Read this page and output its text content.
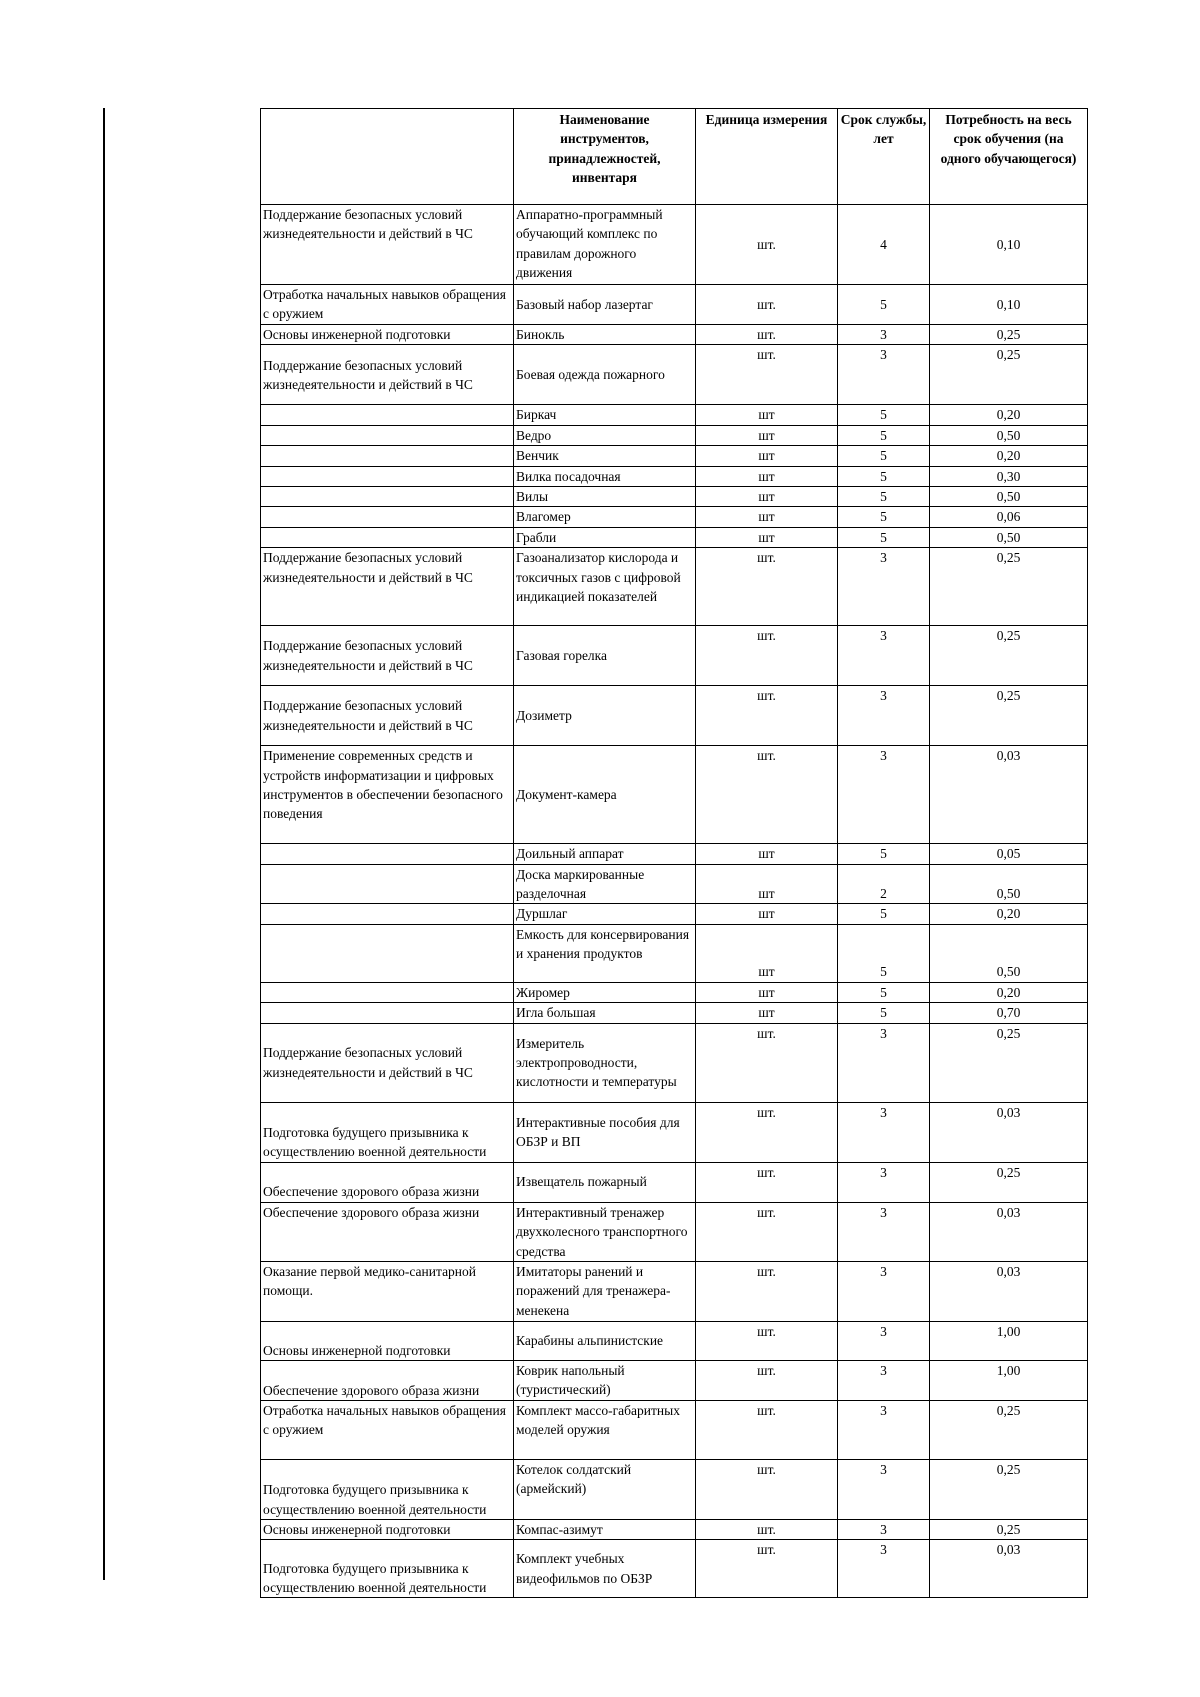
	Наименование инструментов, принадлежностей, инвентаря	Единица измерения	Срок службы, лет	Потребность на весь срок обучения (на одного обучающегося)
Поддержание безопасных условий жизнедеятельности и действий в ЧС	Аппаратно-программный обучающий комплекс по правилам дорожного движения	шт.	4	0,10
Отработка начальных навыков обращения с оружием	Базовый набор лазертаг	шт.	5	0,10
Основы инженерной подготовки	Бинокль	шт.	3	0,25
Поддержание безопасных условий жизнедеятельности и действий в ЧС	Боевая одежда пожарного	шт.	3	0,25
	Биркач	шт	5	0,20
	Ведро	шт	5	0,50
	Венчик	шт	5	0,20
	Вилка посадочная	шт	5	0,30
	Вилы	шт	5	0,50
	Влагомер	шт	5	0,06
	Грабли	шт	5	0,50
Поддержание безопасных условий жизнедеятельности и действий в ЧС	Газоанализатор кислорода и токсичных газов с цифровой индикацией показателей	шт.	3	0,25
Поддержание безопасных условий жизнедеятельности и действий в ЧС	Газовая горелка	шт.	3	0,25
Поддержание безопасных условий жизнедеятельности и действий в ЧС	Дозиметр	шт.	3	0,25
Применение современных средств и устройств информатизации и цифровых инструментов в обеспечении безопасного поведения	Документ-камера	шт.	3	0,03
	Доильный аппарат	шт	5	0,05
	Доска маркированные разделочная	шт	2	0,50
	Дуршлаг	шт	5	0,20
	Емкость для консервирования и хранения продуктов	шт	5	0,50
	Жиромер	шт	5	0,20
	Игла большая	шт	5	0,70
Поддержание безопасных условий жизнедеятельности и действий в ЧС	Измеритель электропроводности, кислотности и температуры	шт.	3	0,25
Подготовка будущего призывника к осуществлению военной деятельности	Интерактивные пособия для ОБЗР и ВП	шт.	3	0,03
Обеспечение здорового образа жизни	Извещатель пожарный	шт.	3	0,25
Обеспечение здорового образа жизни	Интерактивный тренажер двухколесного транспортного средства	шт.	3	0,03
Оказание первой медико-санитарной помощи.	Имитаторы ранений и поражений для тренажера-менекена	шт.	3	0,03
Основы инженерной подготовки	Карабины альпинистские	шт.	3	1,00
Обеспечение здорового образа жизни	Коврик напольный (туристический)	шт.	3	1,00
Отработка начальных навыков обращения с оружием	Комплект массо-габаритных моделей оружия	шт.	3	0,25
Подготовка будущего призывника к осуществлению военной деятельности	Котелок солдатский (армейский)	шт.	3	0,25
Основы инженерной подготовки	Компас-азимут	шт.	3	0,25
Подготовка будущего призывника к осуществлению военной деятельности	Комплект учебных видеофильмов по ОБЗР	шт.	3	0,03
